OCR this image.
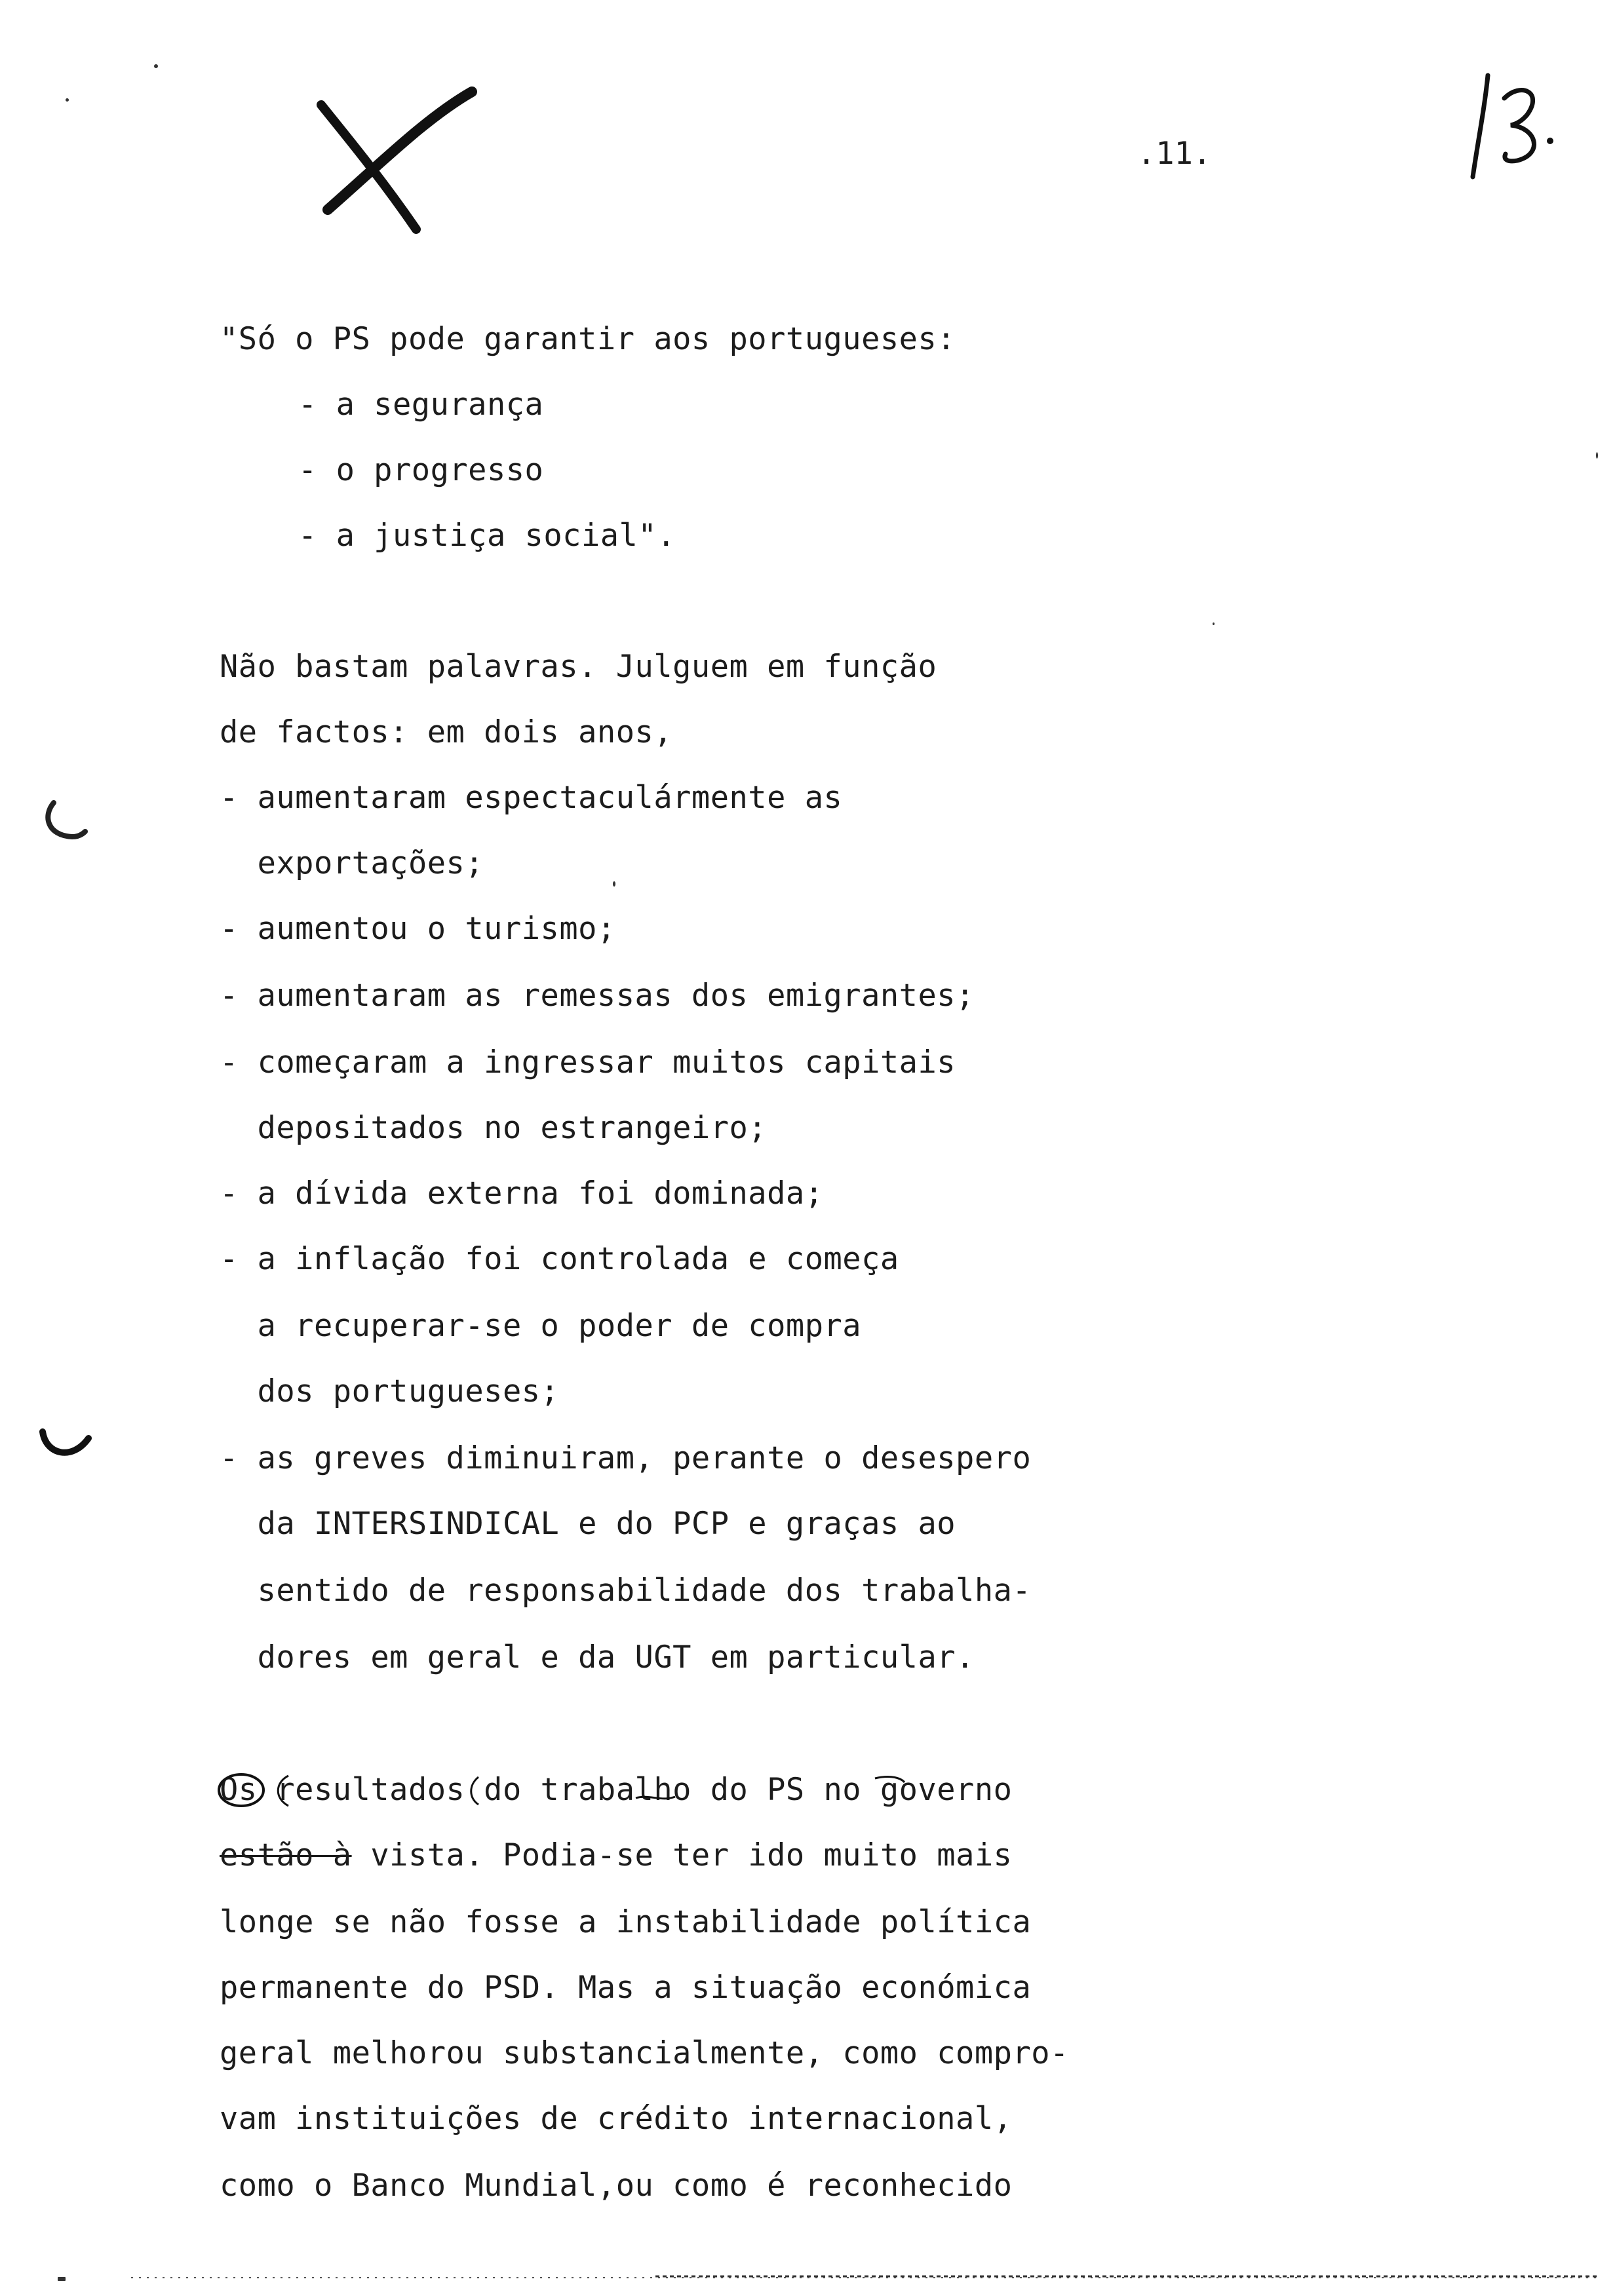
.11.
"Só o PS pode garantir aos portugueses:
- a segurança
- o progresso
- a justiça social".
Não bastam palavras. Julguem em função
de factos: em dois anos,
- aumentaram espectaculármente as
exportações;
- aumentou o turismo;
- aumentaram as remessas dos emigrantes;
- começaram a ingressar muitos capitais
depositados no estrangeiro;
- a dívida externa foi dominada;
- a inflação foi controlada e começa
a recuperar-se o poder de compra
dos portugueses;
- as greves diminuiram, perante o desespero
da INTERSINDICAL e do PCP e graças ao
sentido de responsabilidade dos trabalha-
dores em geral e da UGT em particular.
Os resultados do trabalho do PS no governo
estão à vista. Podia-se ter ido muito mais
longe se não fosse a instabilidade política
permanente do PSD. Mas a situação económica
geral melhorou substancialmente, como compro-
vam instituições de crédito internacional,
como o Banco Mundial,ou como é reconhecido
